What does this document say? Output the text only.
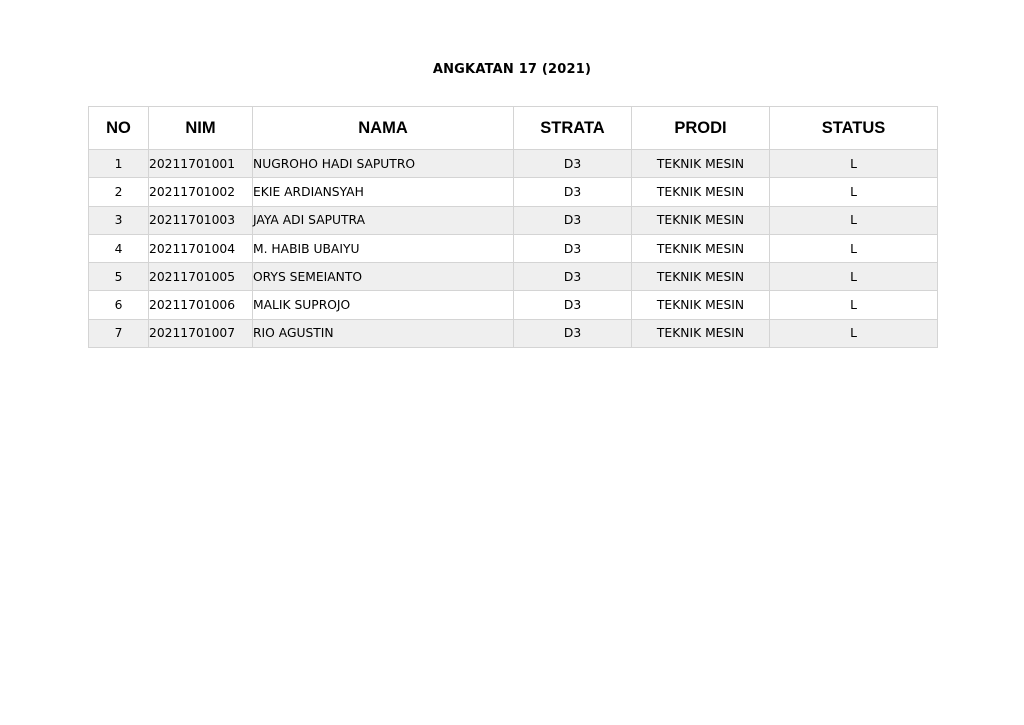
ANGKATAN 17 (2021)
NO	NIM	NAMA	STRATA	PRODI	STATUS
1	20211701001	NUGROHO HADI SAPUTRO	D3	TEKNIK MESIN	L
2	20211701002	EKIE ARDIANSYAH	D3	TEKNIK MESIN	L
3	20211701003	JAYA ADI SAPUTRA	D3	TEKNIK MESIN	L
4	20211701004	M. HABIB UBAIYU	D3	TEKNIK MESIN	L
5	20211701005	ORYS SEMEIANTO	D3	TEKNIK MESIN	L
6	20211701006	MALIK SUPROJO	D3	TEKNIK MESIN	L
7	20211701007	RIO AGUSTIN	D3	TEKNIK MESIN	L
